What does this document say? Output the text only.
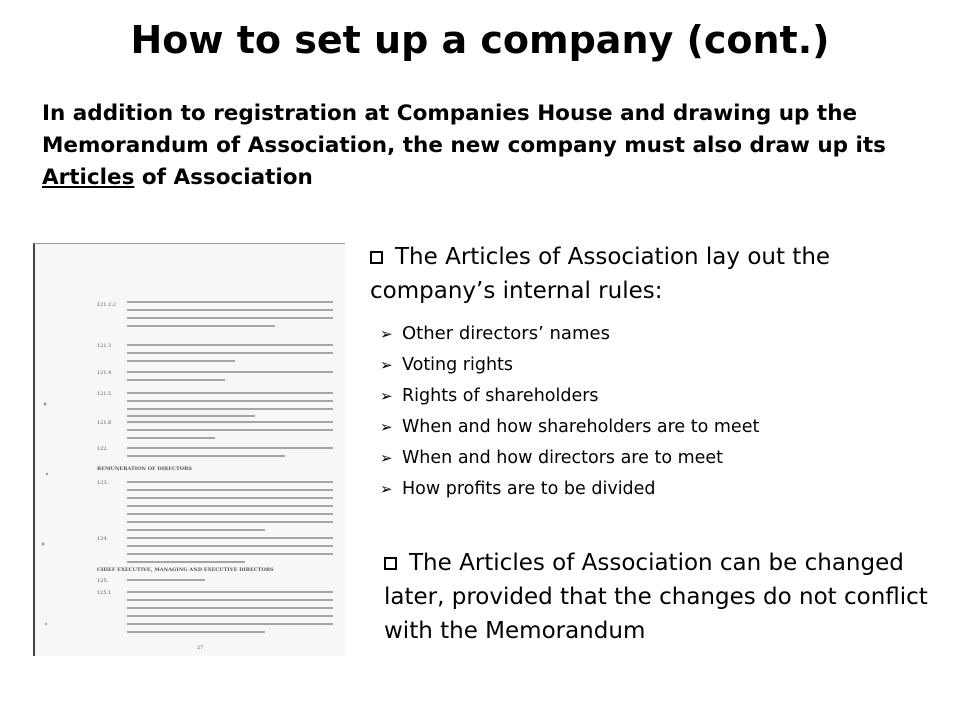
How to set up a company (cont.)
In addition to registration at Companies House and drawing up the Memorandum of Association, the new company must also draw up its Articles of Association
121.2.2
121.3
121.4
121.5
121.6
122.
123.
124.
125.
125.1
REMUNERATION OF DIRECTORS
CHIEF EXECUTIVE, MANAGING AND EXECUTIVE DIRECTORS
27
The Articles of Association lay out the company’s internal rules:
➢ Other directors’ names
➢ Voting rights
➢ Rights of shareholders
➢ When and how shareholders are to meet
➢ When and how directors are to meet
➢ How profits are to be divided
The Articles of Association can be changed later, provided that the changes do not conflict with the Memorandum
